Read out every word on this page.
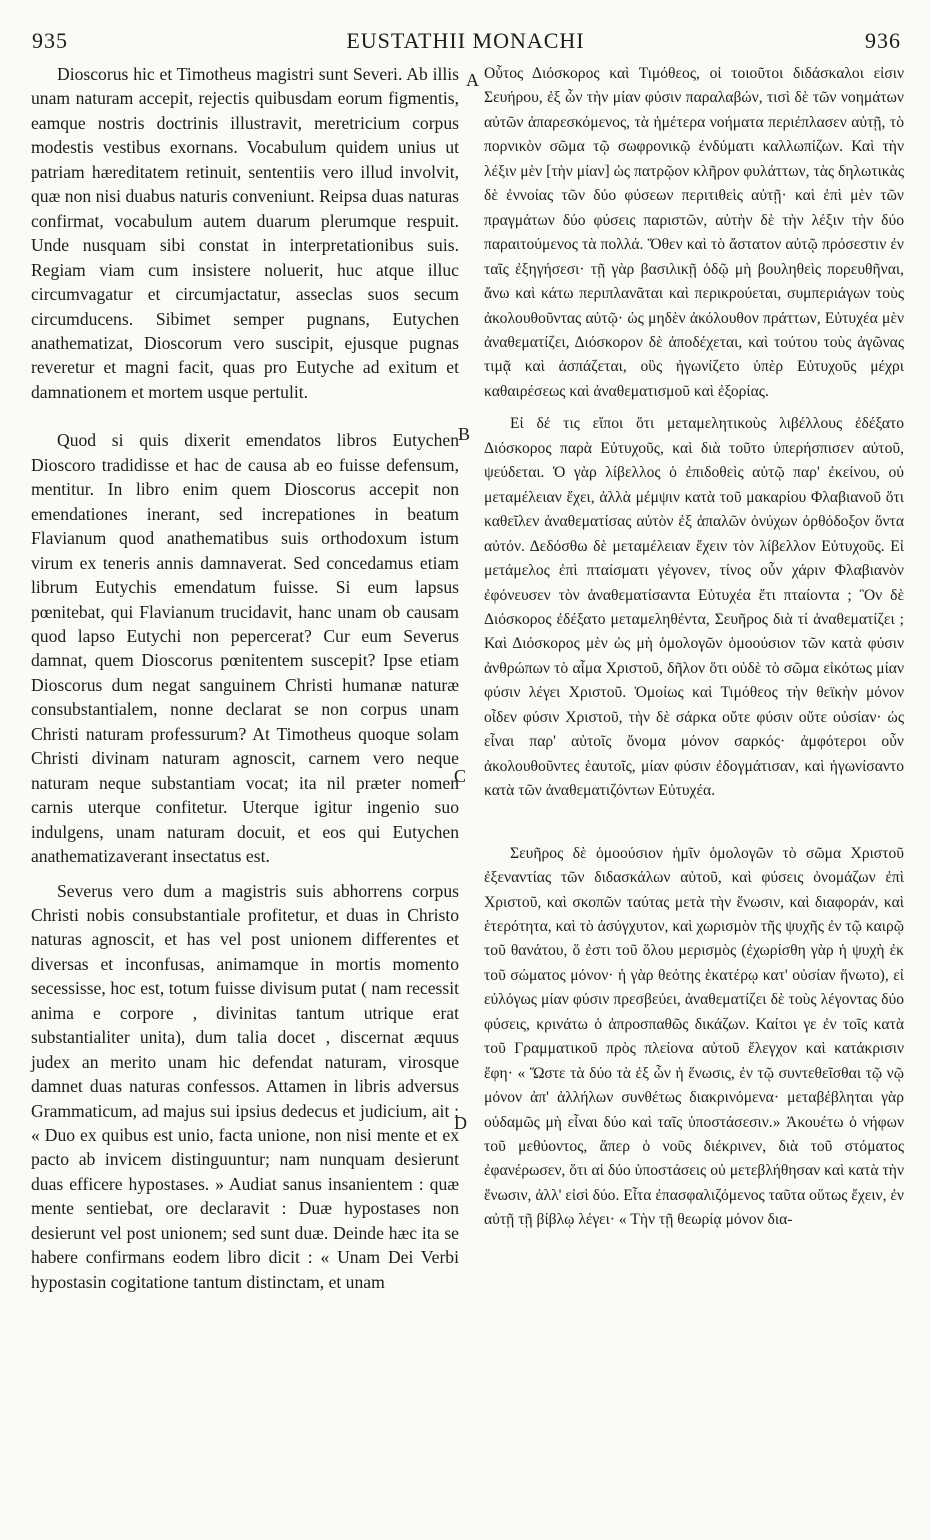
935	EUSTATHII MONACHI	936

Dioscorus hic et Timotheus magistri sunt Severi. Ab illis unam naturam accepit, rejectis quibusdam eorum figmentis, eamque nostris doctrinis illustravit, meretricium corpus modestis vestibus exornans. Vocabulum quidem unius ut patriam hæreditatem retinuit, sententiis vero illud involvit, quæ non nisi duabus naturis conveniunt. Reipsa duas naturas confirmat, vocabulum autem duarum plerumque respuit. Unde nusquam sibi constat in interpretationibus suis. Regiam viam cum insistere noluerit, huc atque illuc circumvagatur et circumjactatur, asseclas suos secum circumducens. Sibimet semper pugnans, Eutychen anathematizat, Dioscorum vero suscipit, ejusque pugnas reveretur et magni facit, quas pro Eutyche ad exitum et damnationem et mortem usque pertulit.

Quod si quis dixerit emendatos libros Eutychen Dioscoro tradidisse et hac de causa ab eo fuisse defensum, mentitur. In libro enim quem Dioscorus accepit non emendationes inerant, sed increpationes in beatum Flavianum quod anathematibus suis orthodoxum istum virum ex teneris annis damnaverat. Sed concedamus etiam librum Eutychis emendatum fuisse. Si eum lapsus pœnitebat, qui Flavianum trucidavit, hanc unam ob causam quod lapso Eutychi non pepercerat? Cur eum Severus damnat, quem Dioscorus pœnitentem suscepit? Ipse etiam Dioscorus dum negat sanguinem Christi humanæ naturæ consubstantialem, nonne declarat se non corpus unam Christi naturam professurum? At Timotheus quoque solam Christi divinam naturam agnoscit, carnem vero neque naturam neque substantiam vocat; ita nil præter nomen carnis uterque confitetur. Uterque igitur ingenio suo indulgens, unam naturam docuit, et eos qui Eutychen anathematizaverant insectatus est.

Severus vero dum a magistris suis abhorrens corpus Christi nobis consubstantiale profitetur, et duas in Christo naturas agnoscit, et has vel post unionem differentes et diversas et inconfusas, animamque in mortis momento secessisse, hoc est, totum fuisse divisum putat ( nam recessit anima e corpore , divinitas tantum utrique erat substantialiter unita), dum talia docet , discernat æquus judex an merito unam hic defendat naturam, virosque damnet duas naturas confessos. Attamen in libris adversus Grammaticum, ad majus sui ipsius dedecus et judicium, ait : « Duo ex quibus est unio, facta unione, non nisi mente et ex pacto ab invicem distinguuntur; nam nunquam desierunt duas efficere hypostases. » Audiat sanus insanientem : quæ mente sentiebat, ore declaravit : Duæ hypostases non desierunt vel post unionem; sed sunt duæ. Deinde hæc ita se habere confirmans eodem libro dicit : « Unam Dei Verbi hypostasin cogitatione tantum distinctam, et unam

A
B
C
D

Οὗτος Διόσκορος καὶ Τιμόθεος, οἱ τοιοῦτοι διδάσκαλοι εἰσιν Σευήρου, ἐξ ὧν τὴν μίαν φύσιν παραλαβών, τισὶ δὲ τῶν νοημάτων αὐτῶν ἀπαρεσκόμενος, τὰ ἡμέτερα νοήματα περιέπλασεν αὐτῇ, τὸ πορνικὸν σῶμα τῷ σωφρονικῷ ἐνδύματι καλλωπίζων. Καὶ τὴν λέξιν μὲν [τὴν μίαν] ὡς πατρῷον κλῆρον φυλάττων, τὰς δηλωτικὰς δὲ ἐννοίας τῶν δύο φύσεων περιτιθεὶς αὐτῇ· καὶ ἐπὶ μὲν τῶν πραγμάτων δύο φύσεις παριστῶν, αὐτὴν δὲ τὴν λέξιν τὴν δύο παραιτούμενος τὰ πολλά. Ὅθεν καὶ τὸ ἄστατον αὐτῷ πρόσεστιν ἐν ταῖς ἐξηγήσεσι· τῇ γὰρ βασιλικῇ ὁδῷ μὴ βουληθεὶς πορευθῆναι, ἄνω καὶ κάτω περιπλανᾶται καὶ περικρούεται, συμπεριάγων τοὺς ἀκολουθοῦντας αὐτῷ· ὡς μηδὲν ἀκόλουθον πράττων, Εὐτυχέα μὲν ἀναθεματίζει, Διόσκορον δὲ ἀποδέχεται, καὶ τούτου τοὺς ἀγῶνας τιμᾷ καὶ ἀσπάζεται, οὓς ἠγωνίζετο ὑπὲρ Εὐτυχοῦς μέχρι καθαιρέσεως καὶ ἀναθεματισμοῦ καὶ ἐξορίας.

Εἰ δέ τις εἴποι ὅτι μεταμελητικοὺς λιβέλλους ἐδέξατο Διόσκορος παρὰ Εὐτυχοῦς, καὶ διὰ τοῦτο ὑπερήσπισεν αὐτοῦ, ψεύδεται. Ὁ γὰρ λίβελλος ὁ ἐπιδοθεὶς αὐτῷ παρ' ἐκείνου, οὐ μεταμέλειαν ἔχει, ἀλλὰ μέμψιν κατὰ τοῦ μακαρίου Φλαβιανοῦ ὅτι καθεῖλεν ἀναθεματίσας αὐτὸν ἐξ ἁπαλῶν ὀνύχων ὀρθόδοξον ὄντα αὐτόν. Δεδόσθω δὲ μεταμέλειαν ἔχειν τὸν λίβελλον Εὐτυχοῦς. Εἰ μετάμελος ἐπὶ πταίσματι γέγονεν, τίνος οὖν χάριν Φλαβιανὸν ἐφόνευσεν τὸν ἀναθεματίσαντα Εὐτυχέα ἔτι πταίοντα ; Ὃν δὲ Διόσκορος ἐδέξατο μεταμεληθέντα, Σευῆρος διὰ τί ἀναθεματίζει ; Καὶ Διόσκορος μὲν ὡς μὴ ὁμολογῶν ὁμοούσιον τῶν κατὰ φύσιν ἀνθρώπων τὸ αἷμα Χριστοῦ, δῆλον ὅτι οὐδὲ τὸ σῶμα εἰκότως μίαν φύσιν λέγει Χριστοῦ. Ὁμοίως καὶ Τιμόθεος τὴν θεϊκὴν μόνον οἶδεν φύσιν Χριστοῦ, τὴν δὲ σάρκα οὔτε φύσιν οὔτε οὐσίαν· ὡς εἶναι παρ' αὐτοῖς ὄνομα μόνον σαρκός· ἀμφότεροι οὖν ἀκολουθοῦντες ἑαυτοῖς, μίαν φύσιν ἐδογμάτισαν, καὶ ἠγωνίσαντο κατὰ τῶν ἀναθεματιζόντων Εὐτυχέα.

Σευῆρος δὲ ὁμοούσιον ἡμῖν ὁμολογῶν τὸ σῶμα Χριστοῦ ἐξεναντίας τῶν διδασκάλων αὐτοῦ, καὶ φύσεις ὀνομάζων ἐπὶ Χριστοῦ, καὶ σκοπῶν ταύτας μετὰ τὴν ἕνωσιν, καὶ διαφοράν, καὶ ἑτερότητα, καὶ τὸ ἀσύγχυτον, καὶ χωρισμὸν τῆς ψυχῆς ἐν τῷ καιρῷ τοῦ θανάτου, ὅ ἐστι τοῦ ὅλου μερισμὸς (ἐχωρίσθη γὰρ ἡ ψυχὴ ἐκ τοῦ σώματος μόνον· ἡ γὰρ θεότης ἑκατέρῳ κατ' οὐσίαν ἥνωτο), εἰ εὐλόγως μίαν φύσιν πρεσβεύει, ἀναθεματίζει δὲ τοὺς λέγοντας δύο φύσεις, κρινάτω ὁ ἀπροσπαθῶς δικάζων. Καίτοι γε ἐν τοῖς κατὰ τοῦ Γραμματικοῦ πρὸς πλείονα αὐτοῦ ἔλεγχον καὶ κατάκρισιν ἔφη· « Ὥστε τὰ δύο τὰ ἐξ ὧν ἡ ἕνωσις, ἐν τῷ συντεθεῖσθαι τῷ νῷ μόνον ἀπ' ἀλλήλων συνθέτως διακρινόμενα· μεταβέβληται γὰρ οὐδαμῶς μὴ εἶναι δύο καὶ ταῖς ὑποστάσεσιν.» Ἀκουέτω ὁ νήφων τοῦ μεθύοντος, ἅπερ ὁ νοῦς διέκρινεν, διὰ τοῦ στόματος ἐφανέρωσεν, ὅτι αἱ δύο ὑποστάσεις οὐ μετεβλήθησαν καὶ κατὰ τὴν ἕνωσιν, ἀλλ' εἰσὶ δύο. Εἶτα ἐπασφαλιζόμενος ταῦτα οὕτως ἔχειν, ἐν αὐτῇ τῇ βίβλῳ λέγει· « Τὴν τῇ θεωρίᾳ μόνον δια-
